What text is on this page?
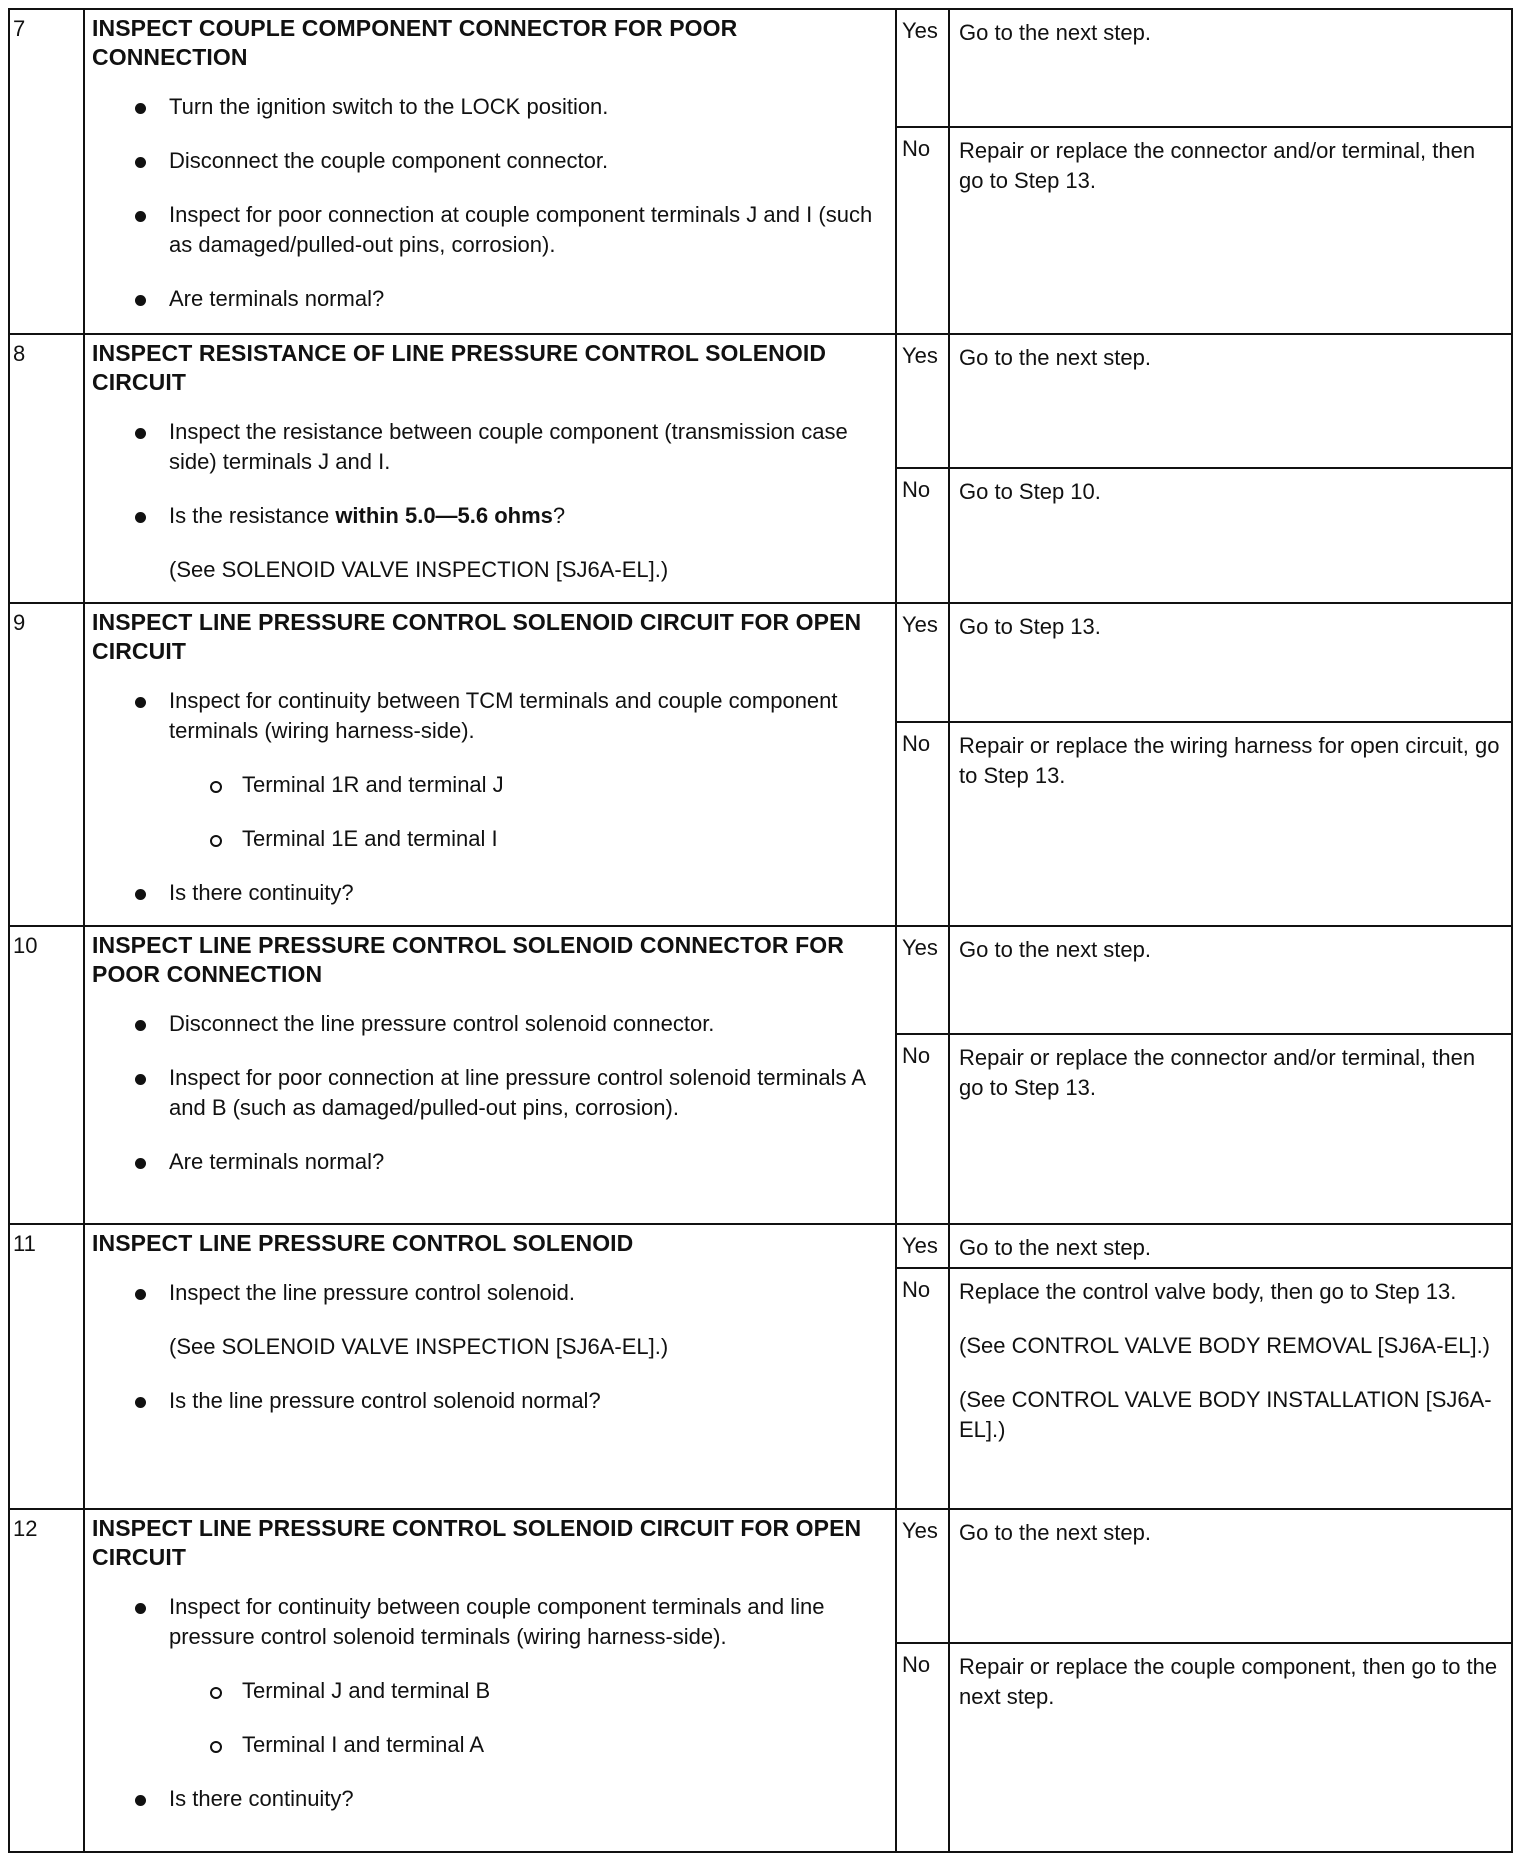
7	INSPECT COUPLE COMPONENT CONNECTOR FOR POOR CONNECTION
Turn the ignition switch to the LOCK position.
Disconnect the couple component connector.
Inspect for poor connection at couple component terminals J and I (such as damaged/pulled-out pins, corrosion).
Are terminals normal?
Yes Go to the next step.
No	Repair or replace the connector and/or terminal, then go to Step 13.
8	INSPECT RESISTANCE OF LINE PRESSURE CONTROL SOLENOID CIRCUIT
Inspect the resistance between couple component (transmission case side) terminals J and I.
Is the resistance within 5.0—5.6 ohms?
(See SOLENOID VALVE INSPECTION [SJ6A-EL].)
Yes Go to the next step.
No	Go to Step 10.
9	INSPECT LINE PRESSURE CONTROL SOLENOID CIRCUIT FOR OPEN CIRCUIT
Inspect for continuity between TCM terminals and couple component terminals (wiring harness-side).
Terminal 1R and terminal J
Terminal 1E and terminal I
Is there continuity?
Yes Go to Step 13.
No	Repair or replace the wiring harness for open circuit, go to Step 13.
10	INSPECT LINE PRESSURE CONTROL SOLENOID CONNECTOR FOR POOR CONNECTION
Disconnect the line pressure control solenoid connector.
Inspect for poor connection at line pressure control solenoid terminals A and B (such as damaged/pulled-out pins, corrosion).
Are terminals normal?
Yes Go to the next step.
No	Repair or replace the connector and/or terminal, then go to Step 13.
11	INSPECT LINE PRESSURE CONTROL SOLENOID
Inspect the line pressure control solenoid.
(See SOLENOID VALVE INSPECTION [SJ6A-EL].)
Is the line pressure control solenoid normal?
Yes Go to the next step.
No	Replace the control valve body, then go to Step 13.

(See CONTROL VALVE BODY REMOVAL [SJ6A-EL].)

(See CONTROL VALVE BODY INSTALLATION [SJ6A-EL].)

12	INSPECT LINE PRESSURE CONTROL SOLENOID CIRCUIT FOR OPEN CIRCUIT
Inspect for continuity between couple component terminals and line pressure control solenoid terminals (wiring harness-side).
Terminal J and terminal B
Terminal I and terminal A
Is there continuity?
Yes Go to the next step.
No	Repair or replace the couple component, then go to the next step.
